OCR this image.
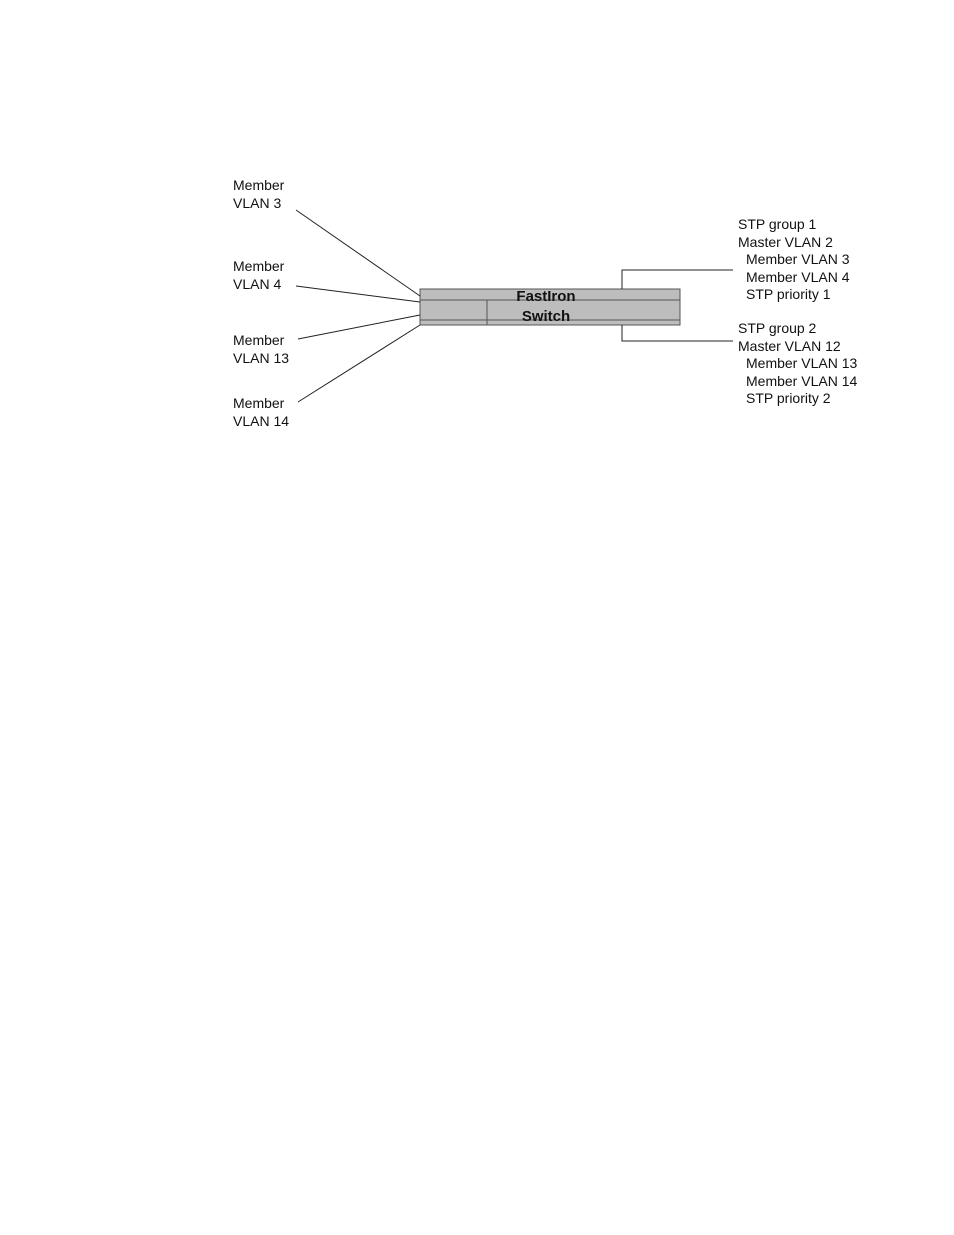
FastIron
Switch
Member
VLAN 3
Member
VLAN 4
Member
VLAN 13
Member
VLAN 14
STP group 1
Master VLAN 2
Member VLAN 3
Member VLAN 4
STP priority 1
STP group 2
Master VLAN 12
Member VLAN 13
Member VLAN 14
STP priority 2
